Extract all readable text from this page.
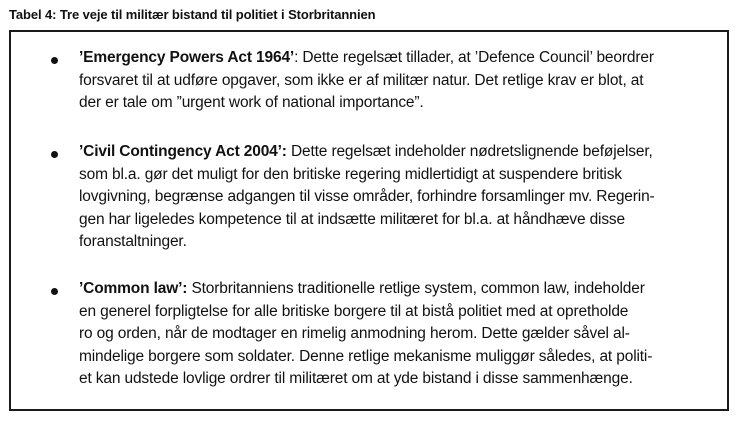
Tabel 4: Tre veje til militær bistand til politiet i Storbritannien
’Emergency Powers Act 1964’: Dette regelsæt tillader, at ’Defence Council’ beordrer
forsvaret til at udføre opgaver, som ikke er af militær natur. Det retlige krav er blot, at
der er tale om ”urgent work of national importance”.
’Civil Contingency Act 2004’: Dette regelsæt indeholder nødretslignende beføjelser,
som bl.a. gør det muligt for den britiske regering midlertidigt at suspendere britisk
lovgivning, begrænse adgangen til visse områder, forhindre forsamlinger mv. Regerin-
gen har ligeledes kompetence til at indsætte militæret for bl.a. at håndhæve disse
foranstaltninger.
’Common law’: Storbritanniens traditionelle retlige system, common law, indeholder
en generel forpligtelse for alle britiske borgere til at bistå politiet med at opretholde
ro og orden, når de modtager en rimelig anmodning herom. Dette gælder såvel al-
mindelige borgere som soldater. Denne retlige mekanisme muliggør således, at politi-
et kan udstede lovlige ordrer til militæret om at yde bistand i disse sammenhænge.
